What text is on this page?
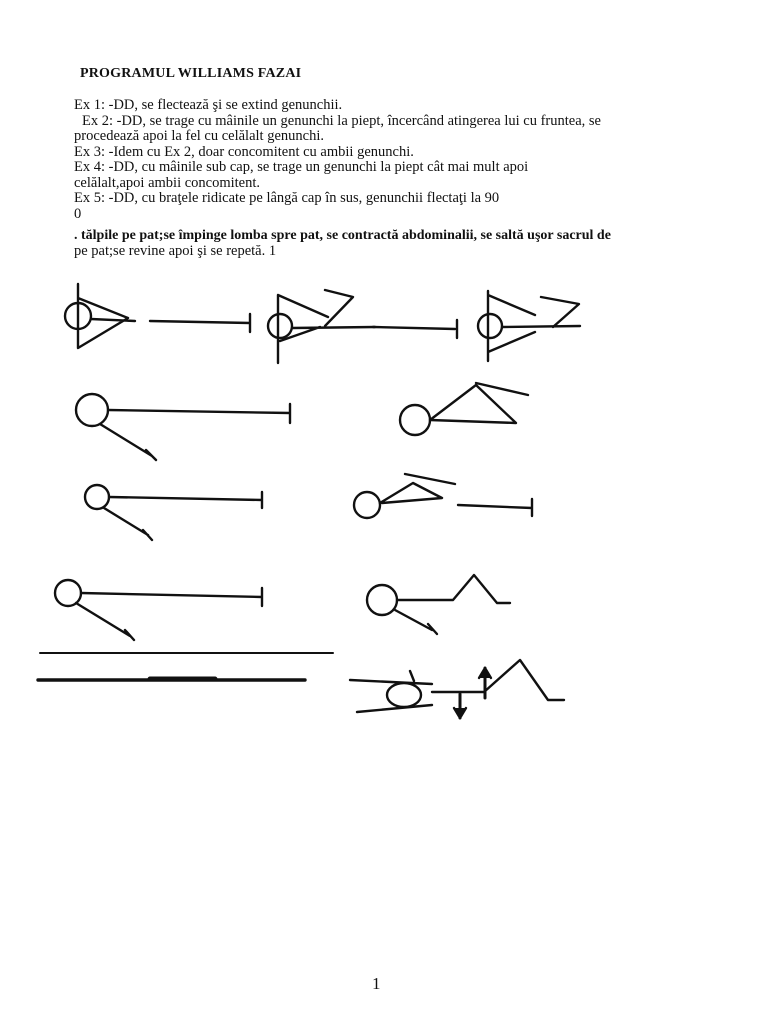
PROGRAMUL WILLIAMS FAZAI
Ex 1: -DD, se flectează şi se extind genunchii.
Ex 2: -DD, se trage cu mâinile un genunchi la piept, încercând atingerea lui cu fruntea, se
procedează apoi la fel cu celălalt genunchi.
Ex 3: -Idem cu Ex 2, doar concomitent cu ambii genunchi.
Ex 4: -DD, cu mâinile sub cap, se trage un genunchi la piept cât mai mult apoi
celălalt,apoi ambii concomitent.
Ex 5: -DD, cu braţele ridicate pe lângă cap în sus, genunchii flectaţi la 90
0
. tălpile pe pat;se împinge lomba spre pat, se contractă abdominalii, se saltă uşor sacrul de
pe pat;se revine apoi şi se repetă. 1
1
